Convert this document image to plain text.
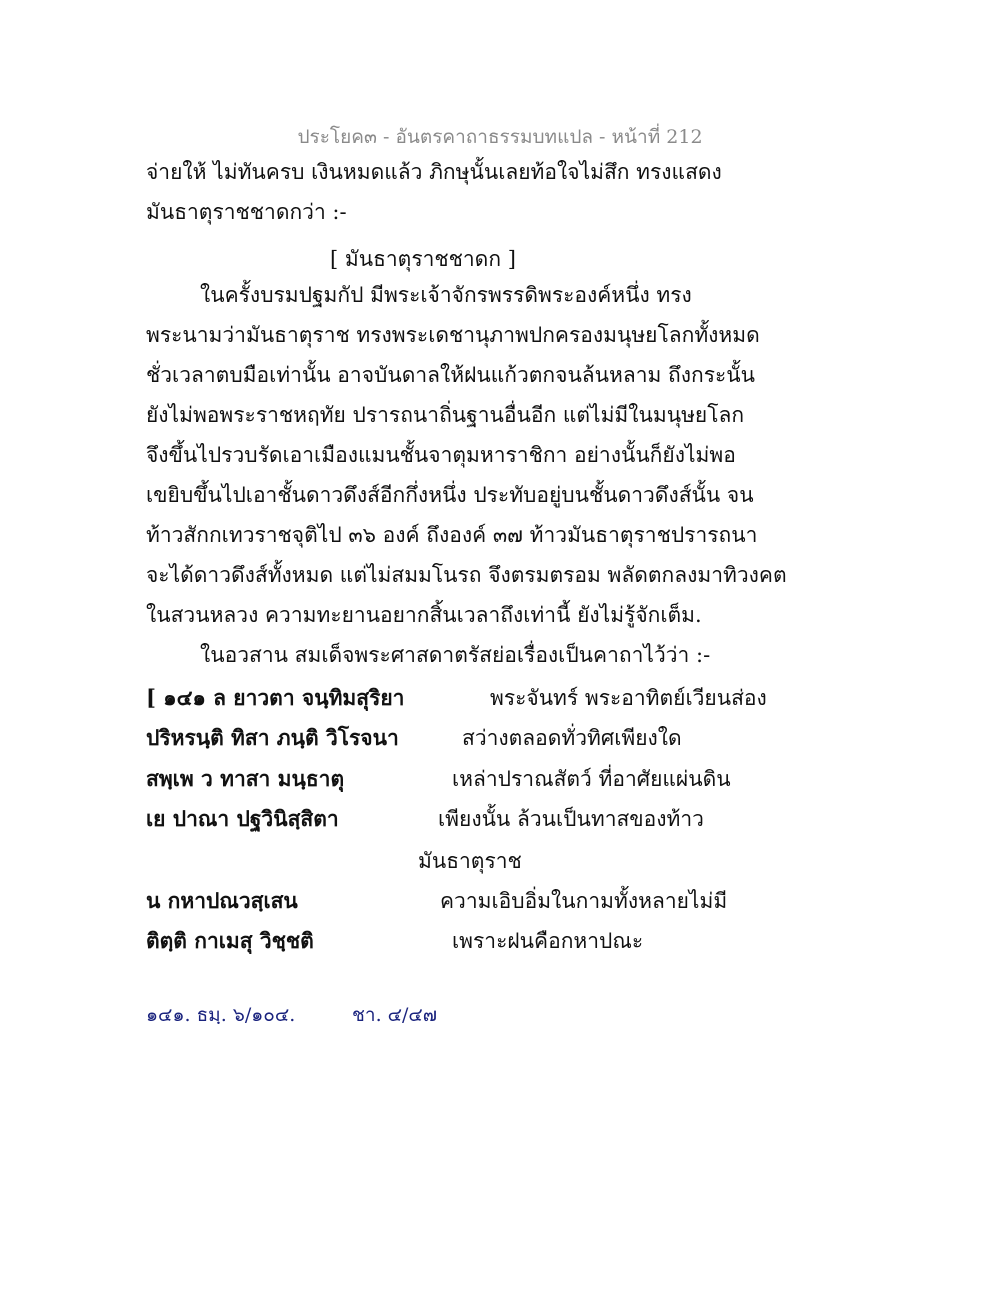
ประโยค๓ - อันตรคาถาธรรมบทแปล - หน้าที่ 212
จ่ายให้ ไม่ทันครบ เงินหมดแล้ว ภิกษุนั้นเลยท้อใจไม่สึก ทรงแสดง
มันธาตุราชชาดกว่า :-
[ มันธาตุราชชาดก ]
ในครั้งบรมปฐมกัป มีพระเจ้าจักรพรรดิพระองค์หนึ่ง ทรง
พระนามว่ามันธาตุราช ทรงพระเดชานุภาพปกครองมนุษยโลกทั้งหมด
ชั่วเวลาตบมือเท่านั้น อาจบันดาลให้ฝนแก้วตกจนล้นหลาม ถึงกระนั้น
ยังไม่พอพระราชหฤทัย ปรารถนาถิ่นฐานอื่นอีก แต่ไม่มีในมนุษยโลก
จึงขึ้นไปรวบรัดเอาเมืองแมนชั้นจาตุมหาราชิกา อย่างนั้นก็ยังไม่พอ
เขยิบขึ้นไปเอาชั้นดาวดึงส์อีกกึ่งหนึ่ง ประทับอยู่บนชั้นดาวดึงส์นั้น จน
ท้าวสักกเทวราชจุติไป ๓๖ องค์ ถึงองค์ ๓๗ ท้าวมันธาตุราชปรารถนา
จะได้ดาวดึงส์ทั้งหมด แต่ไม่สมมโนรถ จึงตรมตรอม พลัดตกลงมาทิวงคต
ในสวนหลวง ความทะยานอยากสิ้นเวลาถึงเท่านี้ ยังไม่รู้จักเต็ม.
ในอวสาน สมเด็จพระศาสดาตรัสย่อเรื่องเป็นคาถาไว้ว่า :-
[ ๑๔๑ ล ยาวตา จนฺทิมสุริยา	พระจันทร์ พระอาทิตย์เวียนส่อง
ปริหรนฺติ ทิสา ภนฺติ วิโรจนา	สว่างตลอดทั่วทิศเพียงใด
สพฺเพ ว ทาสา มนฺธาตุ	เหล่าปราณสัตว์ ที่อาศัยแผ่นดิน
เย ปาณา ปฐวินิสฺสิตา	เพียงนั้น ล้วนเป็นทาสของท้าว
มันธาตุราช
น กหาปณวสฺเสน	ความเอิบอิ่มในกามทั้งหลายไม่มี
ติตฺติ กาเมสุ วิชฺชติ	เพราะฝนคือกหาปณะ
๑๔๑. ธมฺ. ๖/๑๐๔.	ชา. ๔/๔๗
